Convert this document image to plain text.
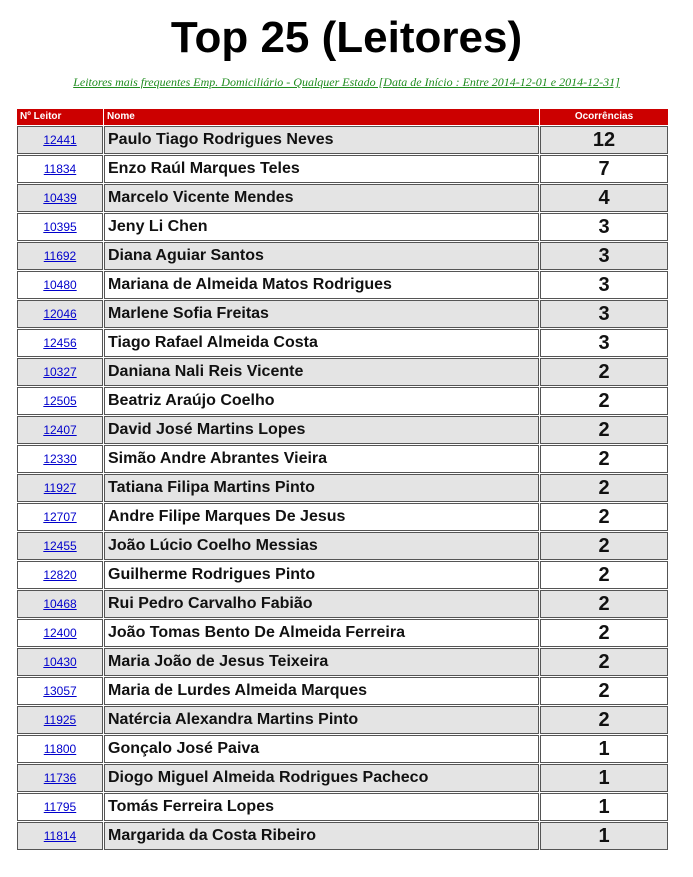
Top 25 (Leitores)
Leitores mais frequentes Emp. Domiciliário - Qualquer Estado [Data de Início : Entre 2014-12-01 e 2014-12-31]
Nº Leitor	Nome	Ocorrências
12441	Paulo Tiago Rodrigues Neves	12
11834	Enzo Raúl Marques Teles	7
10439	Marcelo Vicente Mendes	4
10395	Jeny Li Chen	3
11692	Diana Aguiar Santos	3
10480	Mariana de Almeida Matos Rodrigues	3
12046	Marlene Sofia Freitas	3
12456	Tiago Rafael Almeida Costa	3
10327	Daniana Nali Reis Vicente	2
12505	Beatriz Araújo Coelho	2
12407	David José Martins Lopes	2
12330	Simão Andre Abrantes Vieira	2
11927	Tatiana Filipa Martins Pinto	2
12707	Andre Filipe Marques De Jesus	2
12455	João Lúcio Coelho Messias	2
12820	Guilherme Rodrigues Pinto	2
10468	Rui Pedro Carvalho Fabião	2
12400	João Tomas Bento De Almeida Ferreira	2
10430	Maria João de Jesus Teixeira	2
13057	Maria de Lurdes Almeida Marques	2
11925	Natércia Alexandra Martins Pinto	2
11800	Gonçalo José Paiva	1
11736	Diogo Miguel Almeida Rodrigues Pacheco	1
11795	Tomás Ferreira Lopes	1
11814	Margarida da Costa Ribeiro	1
